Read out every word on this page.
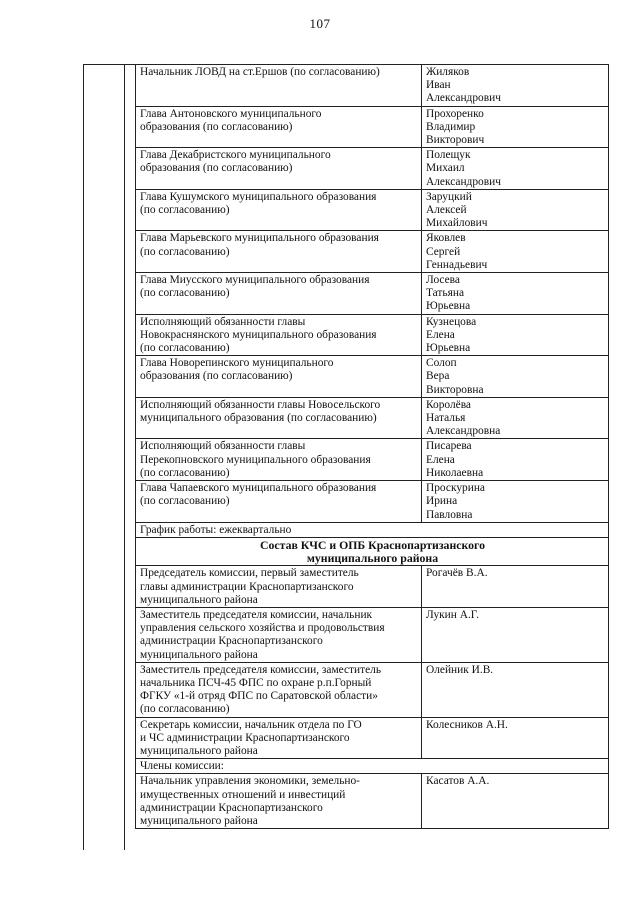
107
Начальник ЛОВД на ст.Ершов (по согласованию)	Жиляков
Иван
Александрович

Глава Антоновского муниципального
образования (по согласованию)	Прохоренко
Владимир
Викторович

Глава Декабристского муниципального
образования (по согласованию)	Полещук
Михаил
Александрович

Глава Кушумского муниципального образования
(по согласованию)	Заруцкий
Алексей
Михайлович

Глава Марьевского муниципального образования
(по согласованию)	Яковлев
Сергей
Геннадьевич

Глава Миусского муниципального образования
(по согласованию)	Лосева
Татьяна
Юрьевна

Исполняющий обязанности главы
Новокраснянского муниципального образования
(по согласованию)	Кузнецова
Елена
Юрьевна

Глава Новорепинского муниципального
образования (по согласованию)	Солоп
Вера
Викторовна

Исполняющий обязанности главы Новосельского
муниципального образования (по согласованию)	Королёва
Наталья
Александровна

Исполняющий обязанности главы
Перекопновского муниципального образования
(по согласованию)	Писарева
Елена
Николаевна

Глава Чапаевского муниципального образования
(по согласованию)	Проскурина
Ирина
Павловна

График работы: ежеквартально	

Состав КЧС и ОПБ Краснопартизанского
муниципального района	

Председатель комиссии, первый заместитель
главы администрации Краснопартизанского
муниципального района	Рогачёв В.А.

Заместитель председателя комиссии, начальник
управления сельского хозяйства и продовольствия
администрации Краснопартизанского
муниципального района	Лукин А.Г.

Заместитель председателя комиссии, заместитель
начальника ПСЧ-45 ФПС по охране р.п.Горный
ФГКУ «1-й отряд ФПС по Саратовской области»
(по согласованию)	Олейник И.В.

Секретарь комиссии, начальник отдела по ГО
и ЧС администрации Краснопартизанского
муниципального района	Колесников А.Н.

Члены комиссии:	

Начальник управления экономики, земельно-
имущественных отношений и инвестиций
администрации Краснопартизанского
муниципального района	Касатов А.А.
